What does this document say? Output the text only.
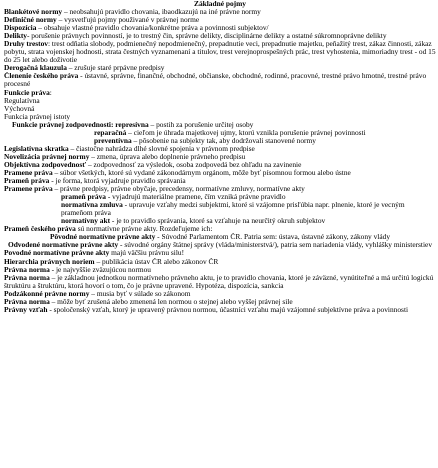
Základné pojmy
Blankétové normy – neobsahujú pravidlo chovania, ibaodkazujú na iné právne normy
Definičné normy – vysvetľujú pojmy použivané v právnej norme
Dispozícia – obsahuje vlastné pravidlo chovania/konkrétne práva a povinnosti subjektov/
Delikty- porušenie právnych povinností, je to trestný čin, správne delikty, disciplinárne delikty a ostatné súkromnoprávne delikty
Druhy trestov: trest odňatia slobody, podmienečný nepodmienečný, prepadnutie veci, prepadnutie majetku, peňažitý trest, zákaz činnosti, zákaz pobytu, strata vojenskej hodnosti, strata čestných vyznamenaní a titulov, trest verejnoprospešných prác, trest vyhostenia, mimoriadny trest - od 15 do 25 let alebo doživotie
Derogačná klauzula – zrušuje staré prpávne predpisy
Členenie českého práva - ústavné, správne, finančné, obchodné, občianske, obchodné, rodinné, pracovné, trestné právo hmotné, trestné právo procesné
Funkcie práva:
Regulatívna
Výchovná
Funkcia právnej istoty
Funkcie právnej zodpovednosti: represívna – postih za porušenie určitej osoby
reparačná – cieľom je úhrada majetkovej ujmy, ktorú vznikla porušenie právnej povinnosti
preventívna – pôsobenie na subjekty tak, aby dodržovali stanovené normy
Legislatívna skratka – čiastočne nahrádza dlhé slovné spojenia v právnom predpise
Novelizácia právnej normy – zmena, úprava alebo doplnenie právneho predpisu
Objektívna zodpovednosť – zodpovednosť za výsledok, osoba zodpovedá bez ohľadu na zavinenie
Pramene práva – súbor všetkých, ktoré sú vydané zákonodárnym orgánom, môže byť písomnou formou alebo ústne
Prameň práva - je forma, ktorá vyjadruje pravidlo správania
Pramene práva – právne predpisy, právne obyčaje, precedensy, normatívne zmluvy, normatívne akty
prameň práva - vyjadrujú materiálne pramene, čím vzniká právne pravidlo
normatívna zmluva - upravuje vzťahy medzi subjektmi, ktoré si vzájomne prisľúbia napr. plnenie, ktoré je vecným prameňom práva
normatívny akt - je to pravidlo správania, ktoré sa vzťahuje na neurčitý okruh subjektov
Prameň českého práva sú normatívne právne akty. Rozdeľujeme ich:
Pôvodné normatívne právne akty - Súvodné Parlamentom ČR. Patria sem: ústava, ústavné zákony, zákony vlády
Odvodené normatívne právne akty - súvodné orgány štátnej správy (vláda/ministerstvá/), patria sem nariadenia vlády, vyhlášky ministerstiev
Povodné normatívne právne akty majú väčšiu právnu silu!
Hierarchia právnych noriem – publikácia ústav ČR alebo zákonov ČR
Právna norma - je najvyššie zväzujúcou normou
Právna norma – je základnou jednotkou normatívneho právneho aktu, je to pravidlo chovania, ktoré je záväzné, vynútiteľné a má určitú logickú štruktúru a štruktúru, ktorá hovorí o tom, čo je právne upravené. Hypotéza, dispozícia, sankcia
Podzákonné právne normy – musia byť v súlade so zákonom
Právna norma – môže byť zrušená alebo zmenená len normou o stejnej alebo vyššej právnej sile
Právny vzťah - spoločenský vzťah, ktorý je upravený právnou normou, účastníci vzťahu majú vzájomné subjektívne práva a povinnosti
